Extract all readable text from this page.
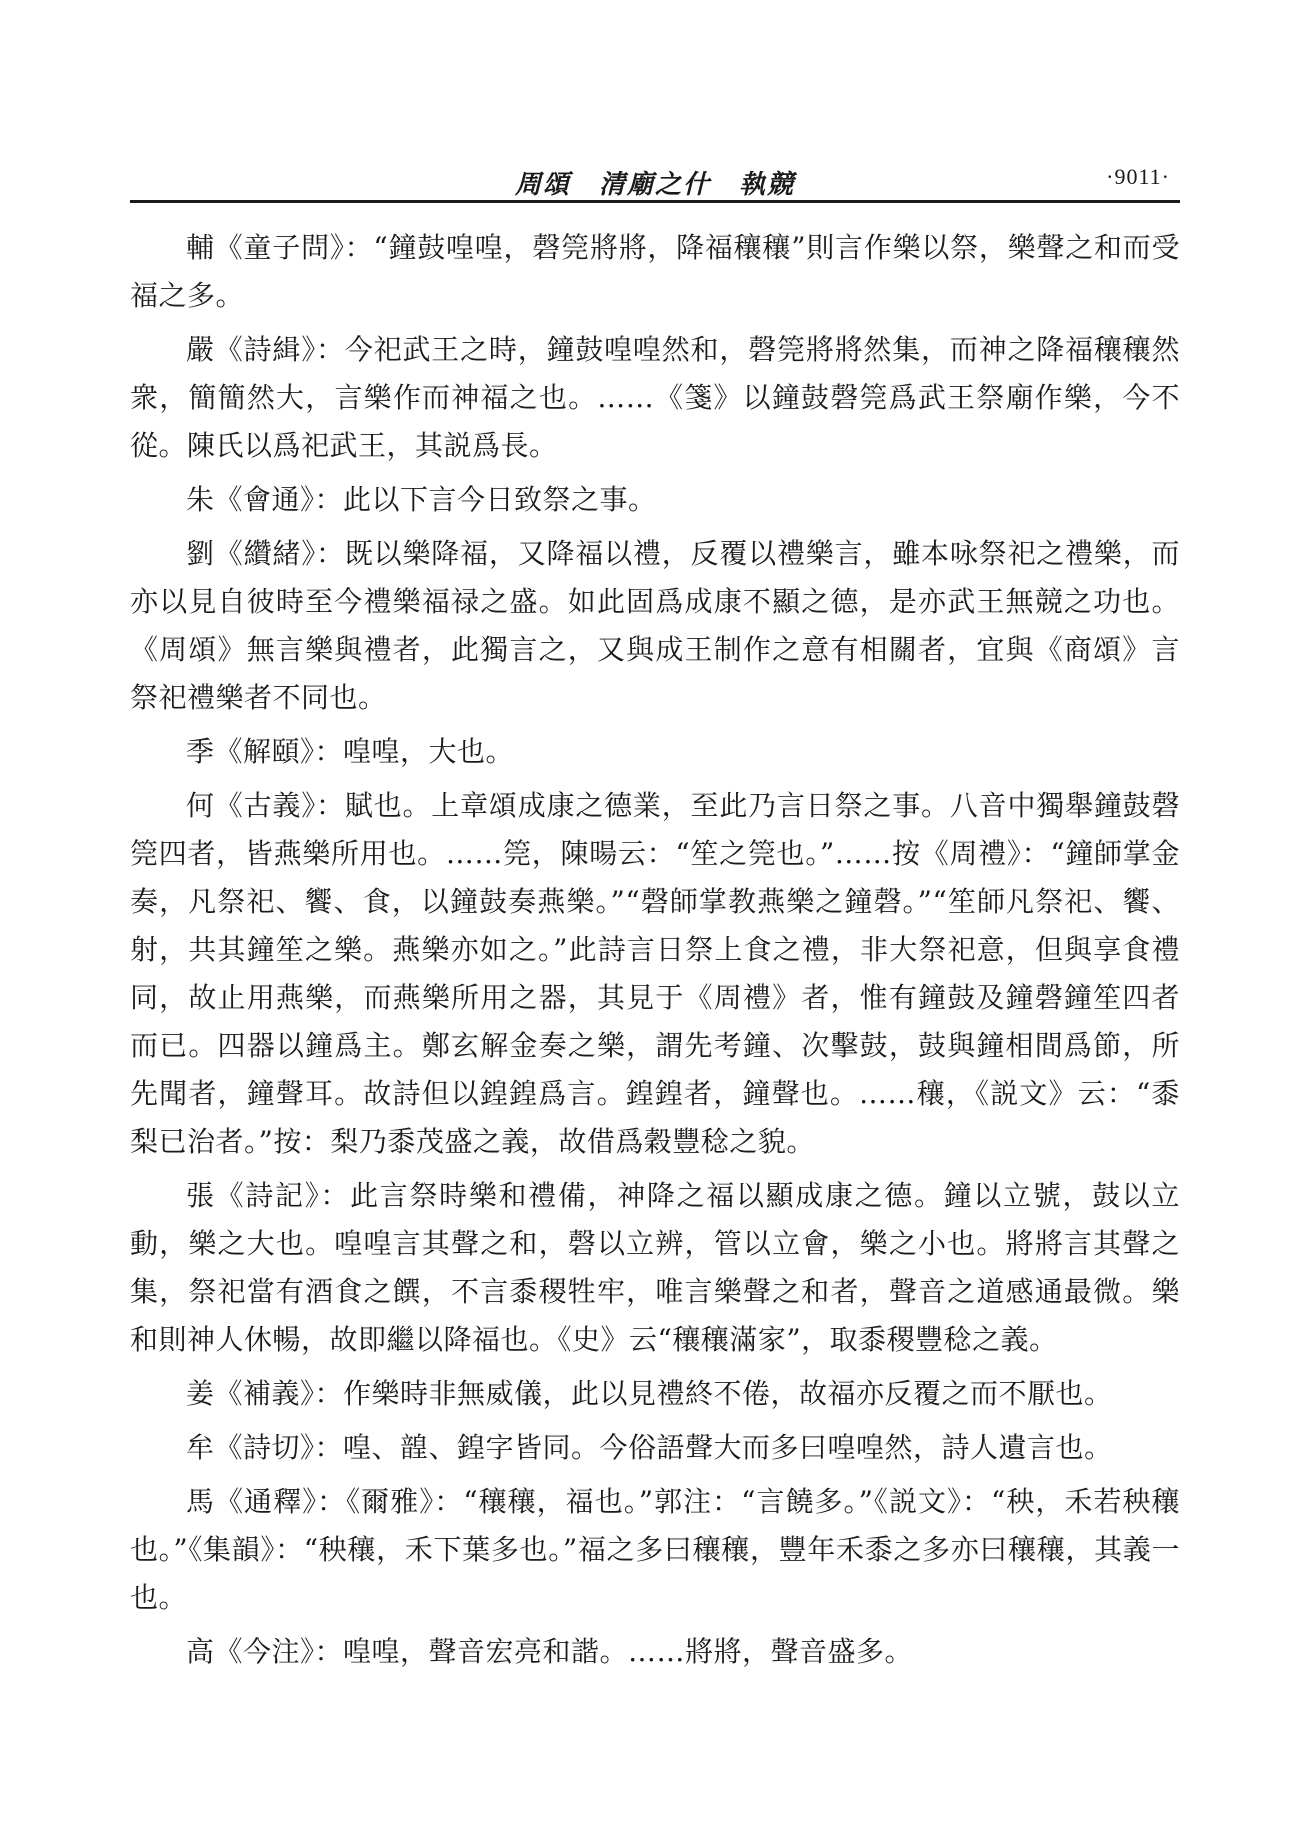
周頌　清廟之什　執競	·9011·

輔《童子問》：“鐘鼓喤喤，磬筦將將，降福穰穰”則言作樂以祭，樂聲之和而受福之多。

嚴《詩緝》：今祀武王之時，鐘鼓喤喤然和，磬筦將將然集，而神之降福穰穰然衆，簡簡然大，言樂作而神福之也。……《箋》以鐘鼓磬筦爲武王祭廟作樂，今不從。陳氏以爲祀武王，其説爲長。

朱《會通》：此以下言今日致祭之事。

劉《纘緒》：既以樂降福，又降福以禮，反覆以禮樂言，雖本咏祭祀之禮樂，而亦以見自彼時至今禮樂福禄之盛。如此固爲成康不顯之德，是亦武王無競之功也。《周頌》無言樂與禮者，此獨言之，又與成王制作之意有相關者，宜與《商頌》言祭祀禮樂者不同也。

季《解頤》：喤喤，大也。

何《古義》：賦也。上章頌成康之德業，至此乃言日祭之事。八音中獨舉鐘鼓磬筦四者，皆燕樂所用也。……筦，陳暘云：“笙之筦也。”……按《周禮》：“鐘師掌金奏，凡祭祀、饗、食，以鐘鼓奏燕樂。”“磬師掌教燕樂之鐘磬。”“笙師凡祭祀、饗、射，共其鐘笙之樂。燕樂亦如之。”此詩言日祭上食之禮，非大祭祀意，但與享食禮同，故止用燕樂，而燕樂所用之器，其見于《周禮》者，惟有鐘鼓及鐘磬鐘笙四者而已。四器以鐘爲主。鄭玄解金奏之樂，謂先考鐘、次擊鼓，鼓與鐘相間爲節，所先聞者，鐘聲耳。故詩但以鍠鍠爲言。鍠鍠者，鐘聲也。……穰，《説文》云：“黍梨已治者。”按：梨乃黍茂盛之義，故借爲穀豐稔之貌。

張《詩記》：此言祭時樂和禮備，神降之福以顯成康之德。鐘以立號，鼓以立動，樂之大也。喤喤言其聲之和，磬以立辨，管以立會，樂之小也。將將言其聲之集，祭祀當有酒食之饌，不言黍稷牲牢，唯言樂聲之和者，聲音之道感通最微。樂和則神人休暢，故即繼以降福也。《史》云“穰穰滿家”，取黍稷豐稔之義。

姜《補義》：作樂時非無威儀，此以見禮終不倦，故福亦反覆之而不厭也。

牟《詩切》：喤、韹、鍠字皆同。今俗語聲大而多曰喤喤然，詩人遺言也。

馬《通釋》：《爾雅》：“穰穰，福也。”郭注：“言饒多。”《説文》：“秧，禾若秧穰也。”《集韻》：“秧穰，禾下葉多也。”福之多曰穰穰，豐年禾黍之多亦曰穰穰，其義一也。

高《今注》：喤喤，聲音宏亮和諧。……將將，聲音盛多。
